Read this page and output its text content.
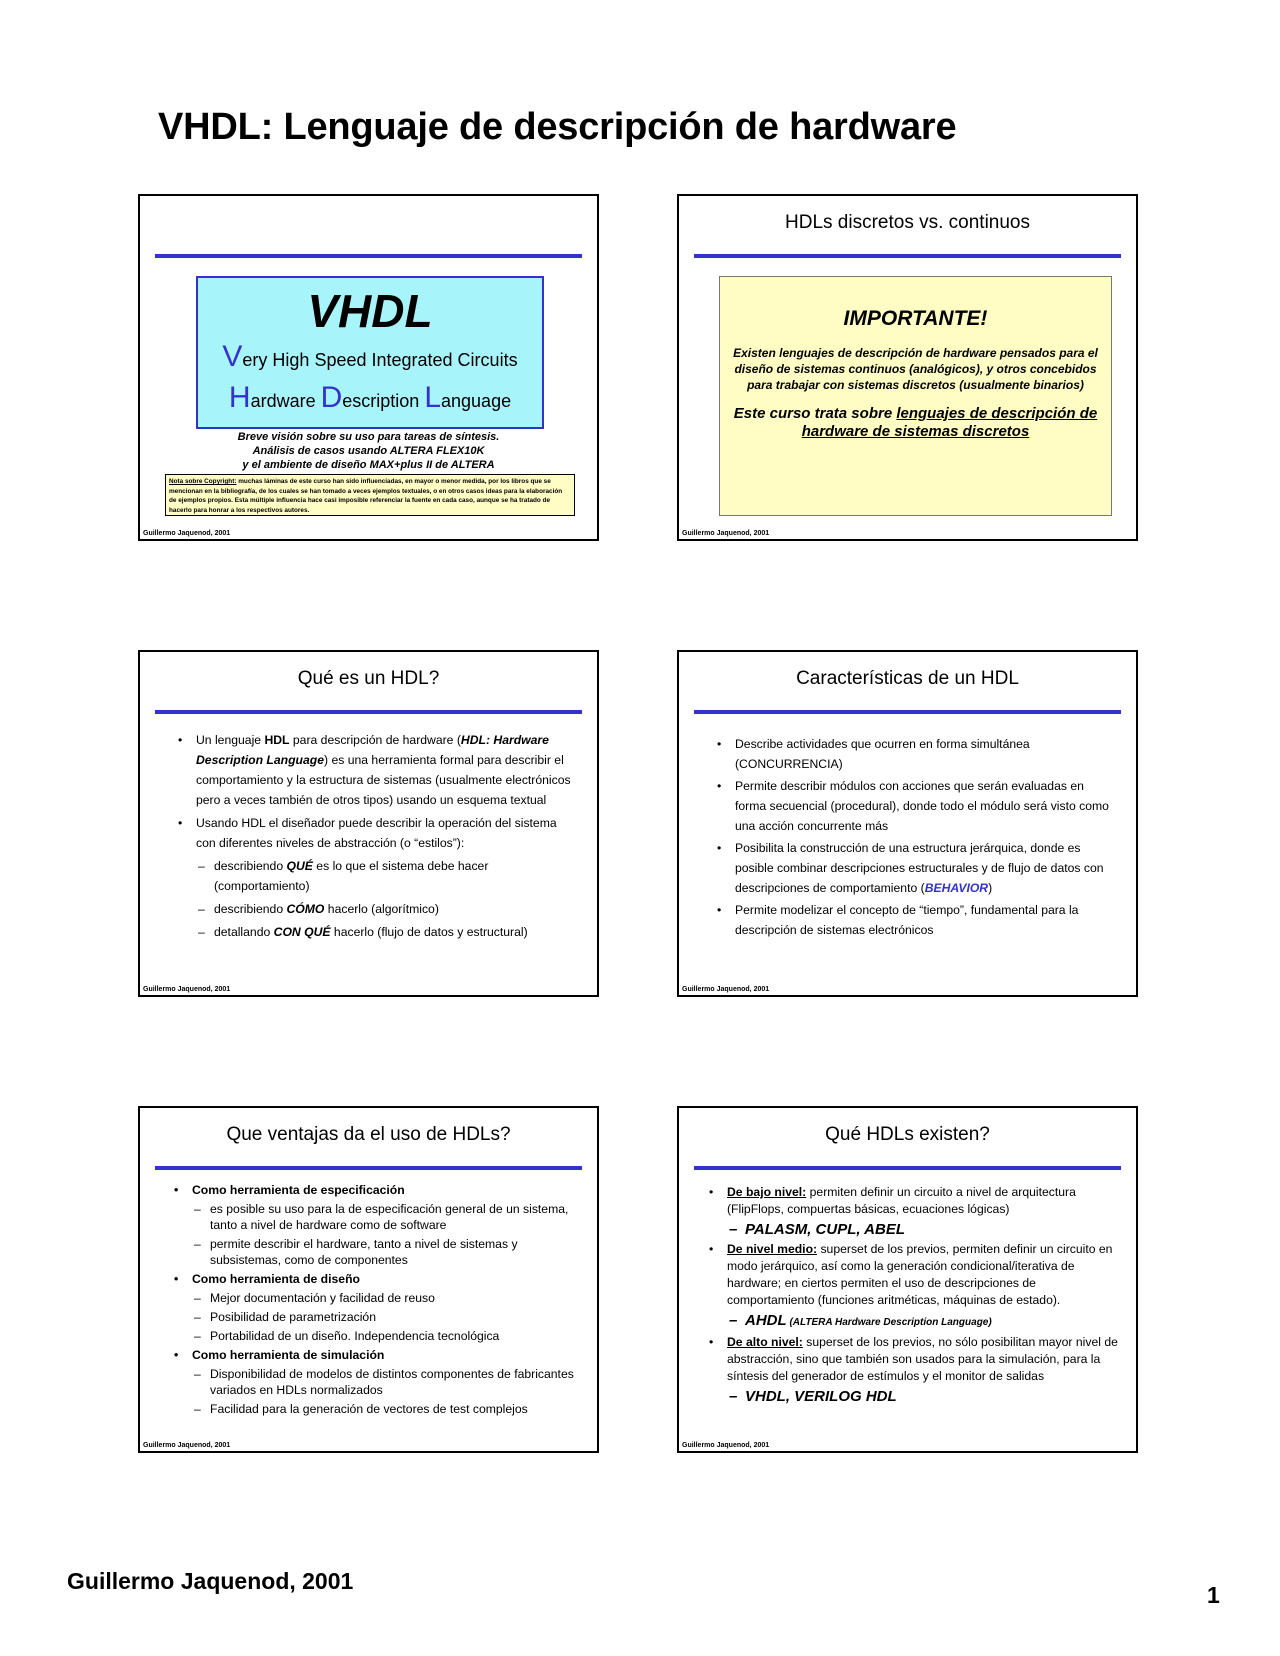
VHDL: Lenguaje de descripción de hardware
VHDL
Very High Speed Integrated Circuits
Hardware Description Language
Breve visión sobre su uso para tareas de síntesis.
Análisis de casos usando ALTERA FLEX10K
y el ambiente de diseño MAX+plus II de ALTERA
Nota sobre Copyright: muchas láminas de este curso han sido influenciadas, en mayor o menor medida, por los libros que se mencionan en la bibliografía, de los cuales se han tomado a veces ejemplos textuales, o en otros casos ideas para la elaboración de ejemplos propios. Esta múltiple influencia hace casi imposible referenciar la fuente en cada caso, aunque se ha tratado de hacerlo para honrar a los respectivos autores.
Guillermo Jaquenod, 2001
HDLs discretos vs. continuos
IMPORTANTE!
Existen lenguajes de descripción de hardware pensados para el diseño de sistemas continuos (analógicos), y otros concebidos para trabajar con sistemas discretos (usualmente binarios)
Este curso trata sobre lenguajes de descripción de hardware de sistemas discretos
Guillermo Jaquenod, 2001
Qué es un HDL?
• Un lenguaje HDL para descripción de hardware (HDL: Hardware Description Language) es una herramienta formal para describir el comportamiento y la estructura de sistemas (usualmente electrónicos pero a veces también de otros tipos) usando un esquema textual
• Usando HDL el diseñador puede describir la operación del sistema con diferentes niveles de abstracción (o “estilos”):
– describiendo QUÉ es lo que el sistema debe hacer (comportamiento)
– describiendo CÓMO hacerlo (algorítmico)
– detallando CON QUÉ hacerlo (flujo de datos y estructural)
Guillermo Jaquenod, 2001
Características de un HDL
• Describe actividades que ocurren en forma simultánea (CONCURRENCIA)
• Permite describir módulos con acciones que serán evaluadas en forma secuencial (procedural), donde todo el módulo será visto como una acción concurrente más
• Posibilita la construcción de una estructura jerárquica, donde es posible combinar descripciones estructurales y de flujo de datos con descripciones de comportamiento (BEHAVIOR)
• Permite modelizar el concepto de “tiempo”, fundamental para la descripción de sistemas electrónicos
Guillermo Jaquenod, 2001
Que ventajas da el uso de HDLs?
• Como herramienta de especificación
– es posible su uso para la de especificación general de un sistema, tanto a nivel de hardware como de software
– permite describir el hardware, tanto a nivel de sistemas y subsistemas, como de componentes
• Como herramienta de diseño
– Mejor documentación y facilidad de reuso
– Posibilidad de parametrización
– Portabilidad de un diseño. Independencia tecnológica
• Como herramienta de simulación
– Disponibilidad de modelos de distintos componentes de fabricantes variados en HDLs normalizados
– Facilidad para la generación de vectores de test complejos
Guillermo Jaquenod, 2001
Qué HDLs existen?
• De bajo nivel: permiten definir un circuito a nivel de arquitectura (FlipFlops, compuertas básicas, ecuaciones lógicas)
– PALASM, CUPL, ABEL
• De nivel medio: superset de los previos, permiten definir un circuito en modo jerárquico, así como la generación condicional/iterativa de hardware; en ciertos permiten el uso de descripciones de comportamiento (funciones aritméticas, máquinas de estado).
– AHDL (ALTERA Hardware Description Language)
• De alto nivel: superset de los previos, no sólo posibilitan mayor nivel de abstracción, sino que también son usados para la simulación, para la síntesis del generador de estímulos y el monitor de salidas
– VHDL, VERILOG HDL
Guillermo Jaquenod, 2001
Guillermo Jaquenod, 2001
1
